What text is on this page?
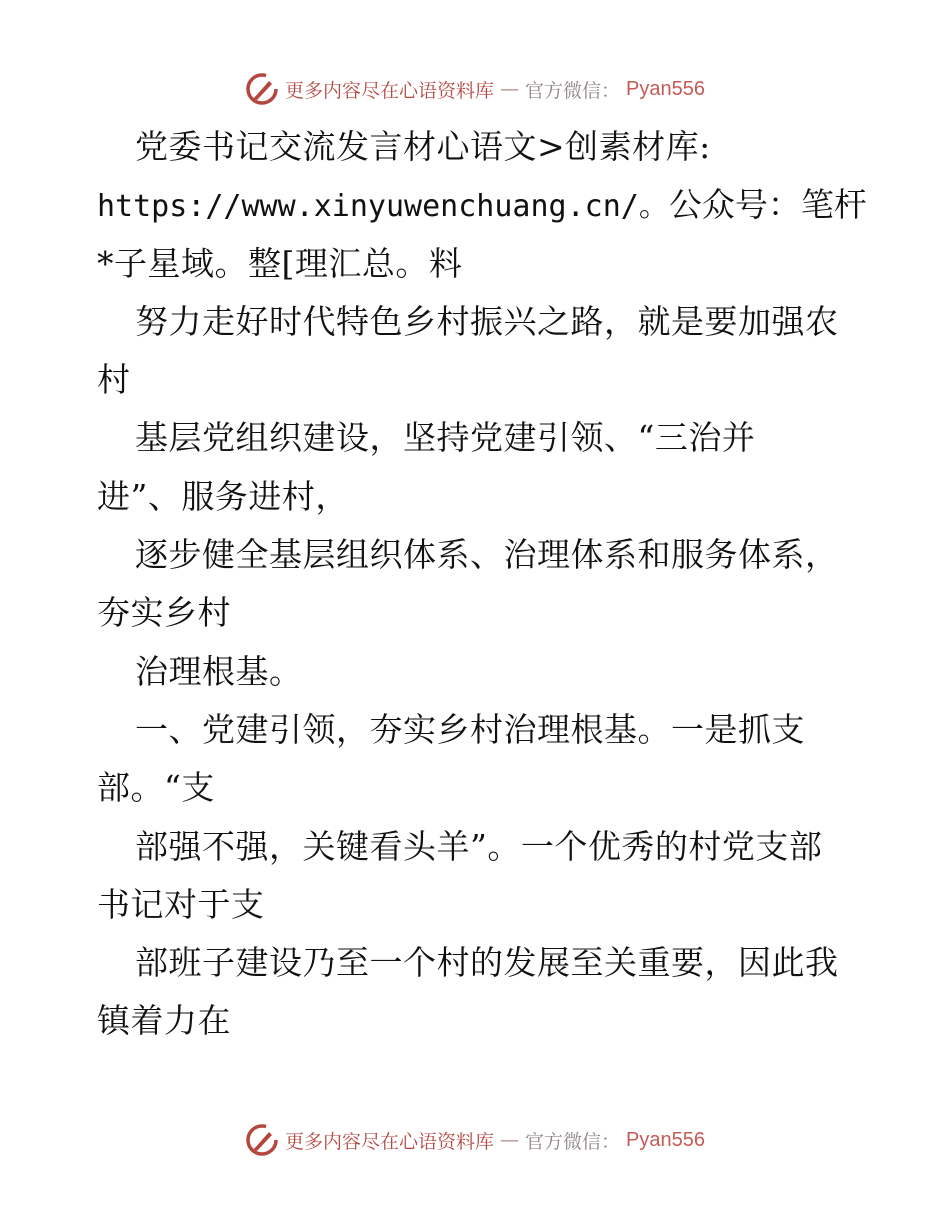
更多内容尽在心语资料库 — 官方微信： Pyan556
党委书记交流发言材心语文>创素材库:
https://www.xinyuwenchuang.cn/。公众号：笔杆
*子星域。整[理汇总。料
努力走好时代特色乡村振兴之路，就是要加强农
村
基层党组织建设，坚持党建引领、“三治并
进”、服务进村，
逐步健全基层组织体系、治理体系和服务体系，
夯实乡村
治理根基。
一、党建引领，夯实乡村治理根基。一是抓支
部。“支
部强不强，关键看头羊”。一个优秀的村党支部
书记对于支
部班子建设乃至一个村的发展至关重要，因此我
镇着力在
更多内容尽在心语资料库 — 官方微信： Pyan556
